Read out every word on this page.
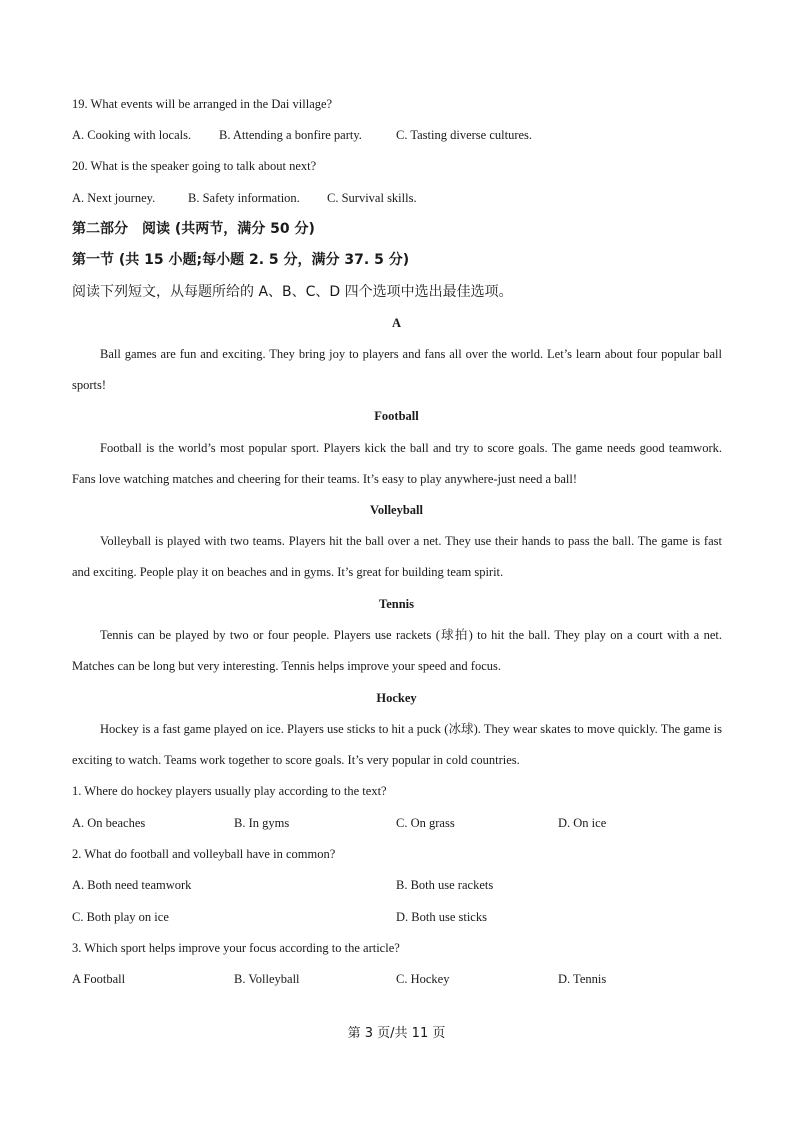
19. What events will be arranged in the Dai village?
A. Cooking with locals. B. Attending a bonfire party.	C. Tasting diverse cultures.
20. What is the speaker going to talk about next?
A. Next journey.	B. Safety information. C. Survival skills.
第二部分　阅读 (共两节，满分 50 分)
第一节 (共 15 小题;每小题 2. 5 分，满分 37. 5 分)
阅读下列短文，从每题所给的 A、B、C、D 四个选项中选出最佳选项。
A
Ball games are fun and exciting. They bring joy to players and fans all over the world. Let’s learn about four popular ball sports!
Football
Football is the world’s most popular sport. Players kick the ball and try to score goals. The game needs good teamwork. Fans love watching matches and cheering for their teams. It’s easy to play anywhere-just need a ball!
Volleyball
Volleyball is played with two teams. Players hit the ball over a net. They use their hands to pass the ball. The game is fast and exciting. People play it on beaches and in gyms. It’s great for building team spirit.
Tennis
Tennis can be played by two or four people. Players use rackets (球拍) to hit the ball. They play on a court with a net. Matches can be long but very interesting. Tennis helps improve your speed and focus.
Hockey
Hockey is a fast game played on ice. Players use sticks to hit a puck (冰球). They wear skates to move quickly. The game is exciting to watch. Teams work together to score goals. It’s very popular in cold countries.
1. Where do hockey players usually play according to the text?
A. On beaches	B. In gyms	C. On grass	D. On ice
2. What do football and volleyball have in common?
A. Both need teamwork	B. Both use rackets
C. Both play on ice	D. Both use sticks
3. Which sport helps improve your focus according to the article?
A Football	B. Volleyball	C. Hockey	D. Tennis
第 3 页/共 11 页
